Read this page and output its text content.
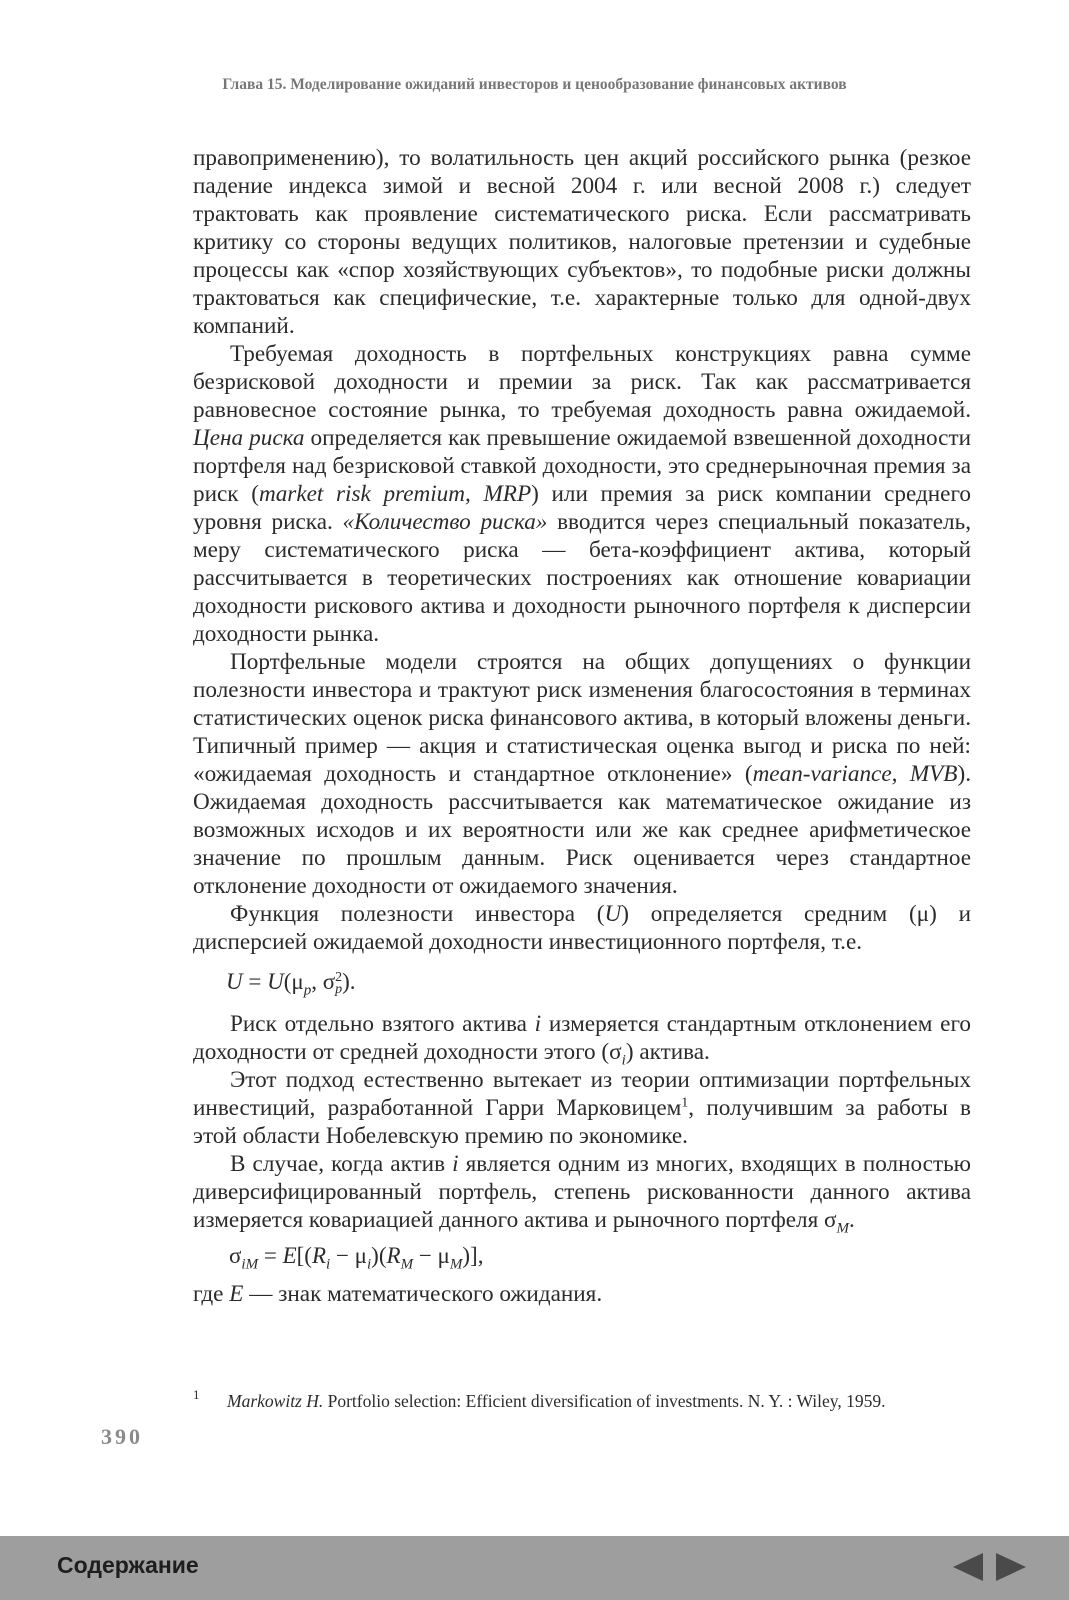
Глава 15. Моделирование ожиданий инвесторов и ценообразование финансовых активов

правоприменению), то волатильность цен акций российского рынка (резкое падение индекса зимой и весной 2004 г. или весной 2008 г.) следует трактовать как проявление систематического риска. Если рассматривать критику со стороны ведущих политиков, налоговые претензии и судебные процессы как «спор хозяйствующих субъектов», то подобные риски должны трактоваться как специфические, т.е. характерные только для одной-двух компаний.

Требуемая доходность в портфельных конструкциях равна сумме безрисковой доходности и премии за риск. Так как рассматривается равновесное состояние рынка, то требуемая доходность равна ожидаемой. Цена риска определяется как превышение ожидаемой взвешенной доходности портфеля над безрисковой ставкой доходности, это среднерыночная премия за риск (market risk premium, MRP) или премия за риск компании среднего уровня риска. «Количество риска» вводится через специальный показатель, меру систематического риска — бета-коэффициент актива, который рассчитывается в теоретических построениях как отношение ковариации доходности рискового актива и доходности рыночного портфеля к дисперсии доходности рынка.

Портфельные модели строятся на общих допущениях о функции полезности инвестора и трактуют риск изменения благосостояния в терминах статистических оценок риска финансового актива, в который вложены деньги. Типичный пример — акция и статистическая оценка выгод и риска по ней: «ожидаемая доходность и стандартное отклонение» (mean-variance, MVB). Ожидаемая доходность рассчитывается как математическое ожидание из возможных исходов и их вероятности или же как среднее арифметическое значение по прошлым данным. Риск оценивается через стандартное отклонение доходности от ожидаемого значения.

Функция полезности инвестора (U) определяется средним (μ) и дисперсией ожидаемой доходности инвестиционного портфеля, т.е.

$U = U(\mu_p$, σ 2
p ).

Риск отдельно взятого актива i измеряется стандартным отклонением его доходности от средней доходности этого $(\sigma_i)$ актива.

Этот подход естественно вытекает из теории оптимизации портфельных инвестиций, разработанной Гарри Марковицем$^1$, получившим за работы в этой области Нобелевскую премию по экономике.

В случае, когда актив i является одним из многих, входящих в полностью диверсифицированный портфель, степень рискованности данного актива измеряется ковариацией данного актива и рыночного портфеля $\sigma_M$.

$\sigma_{iM} = E[(R_i - \mu_i)(R_M - \mu_M)]$,

где E — знак математического ожидания.

1 Markowitz H. Portfolio selection: Efficient diversification of investments. N. Y. : Wiley, 1959.
390
Содержание
